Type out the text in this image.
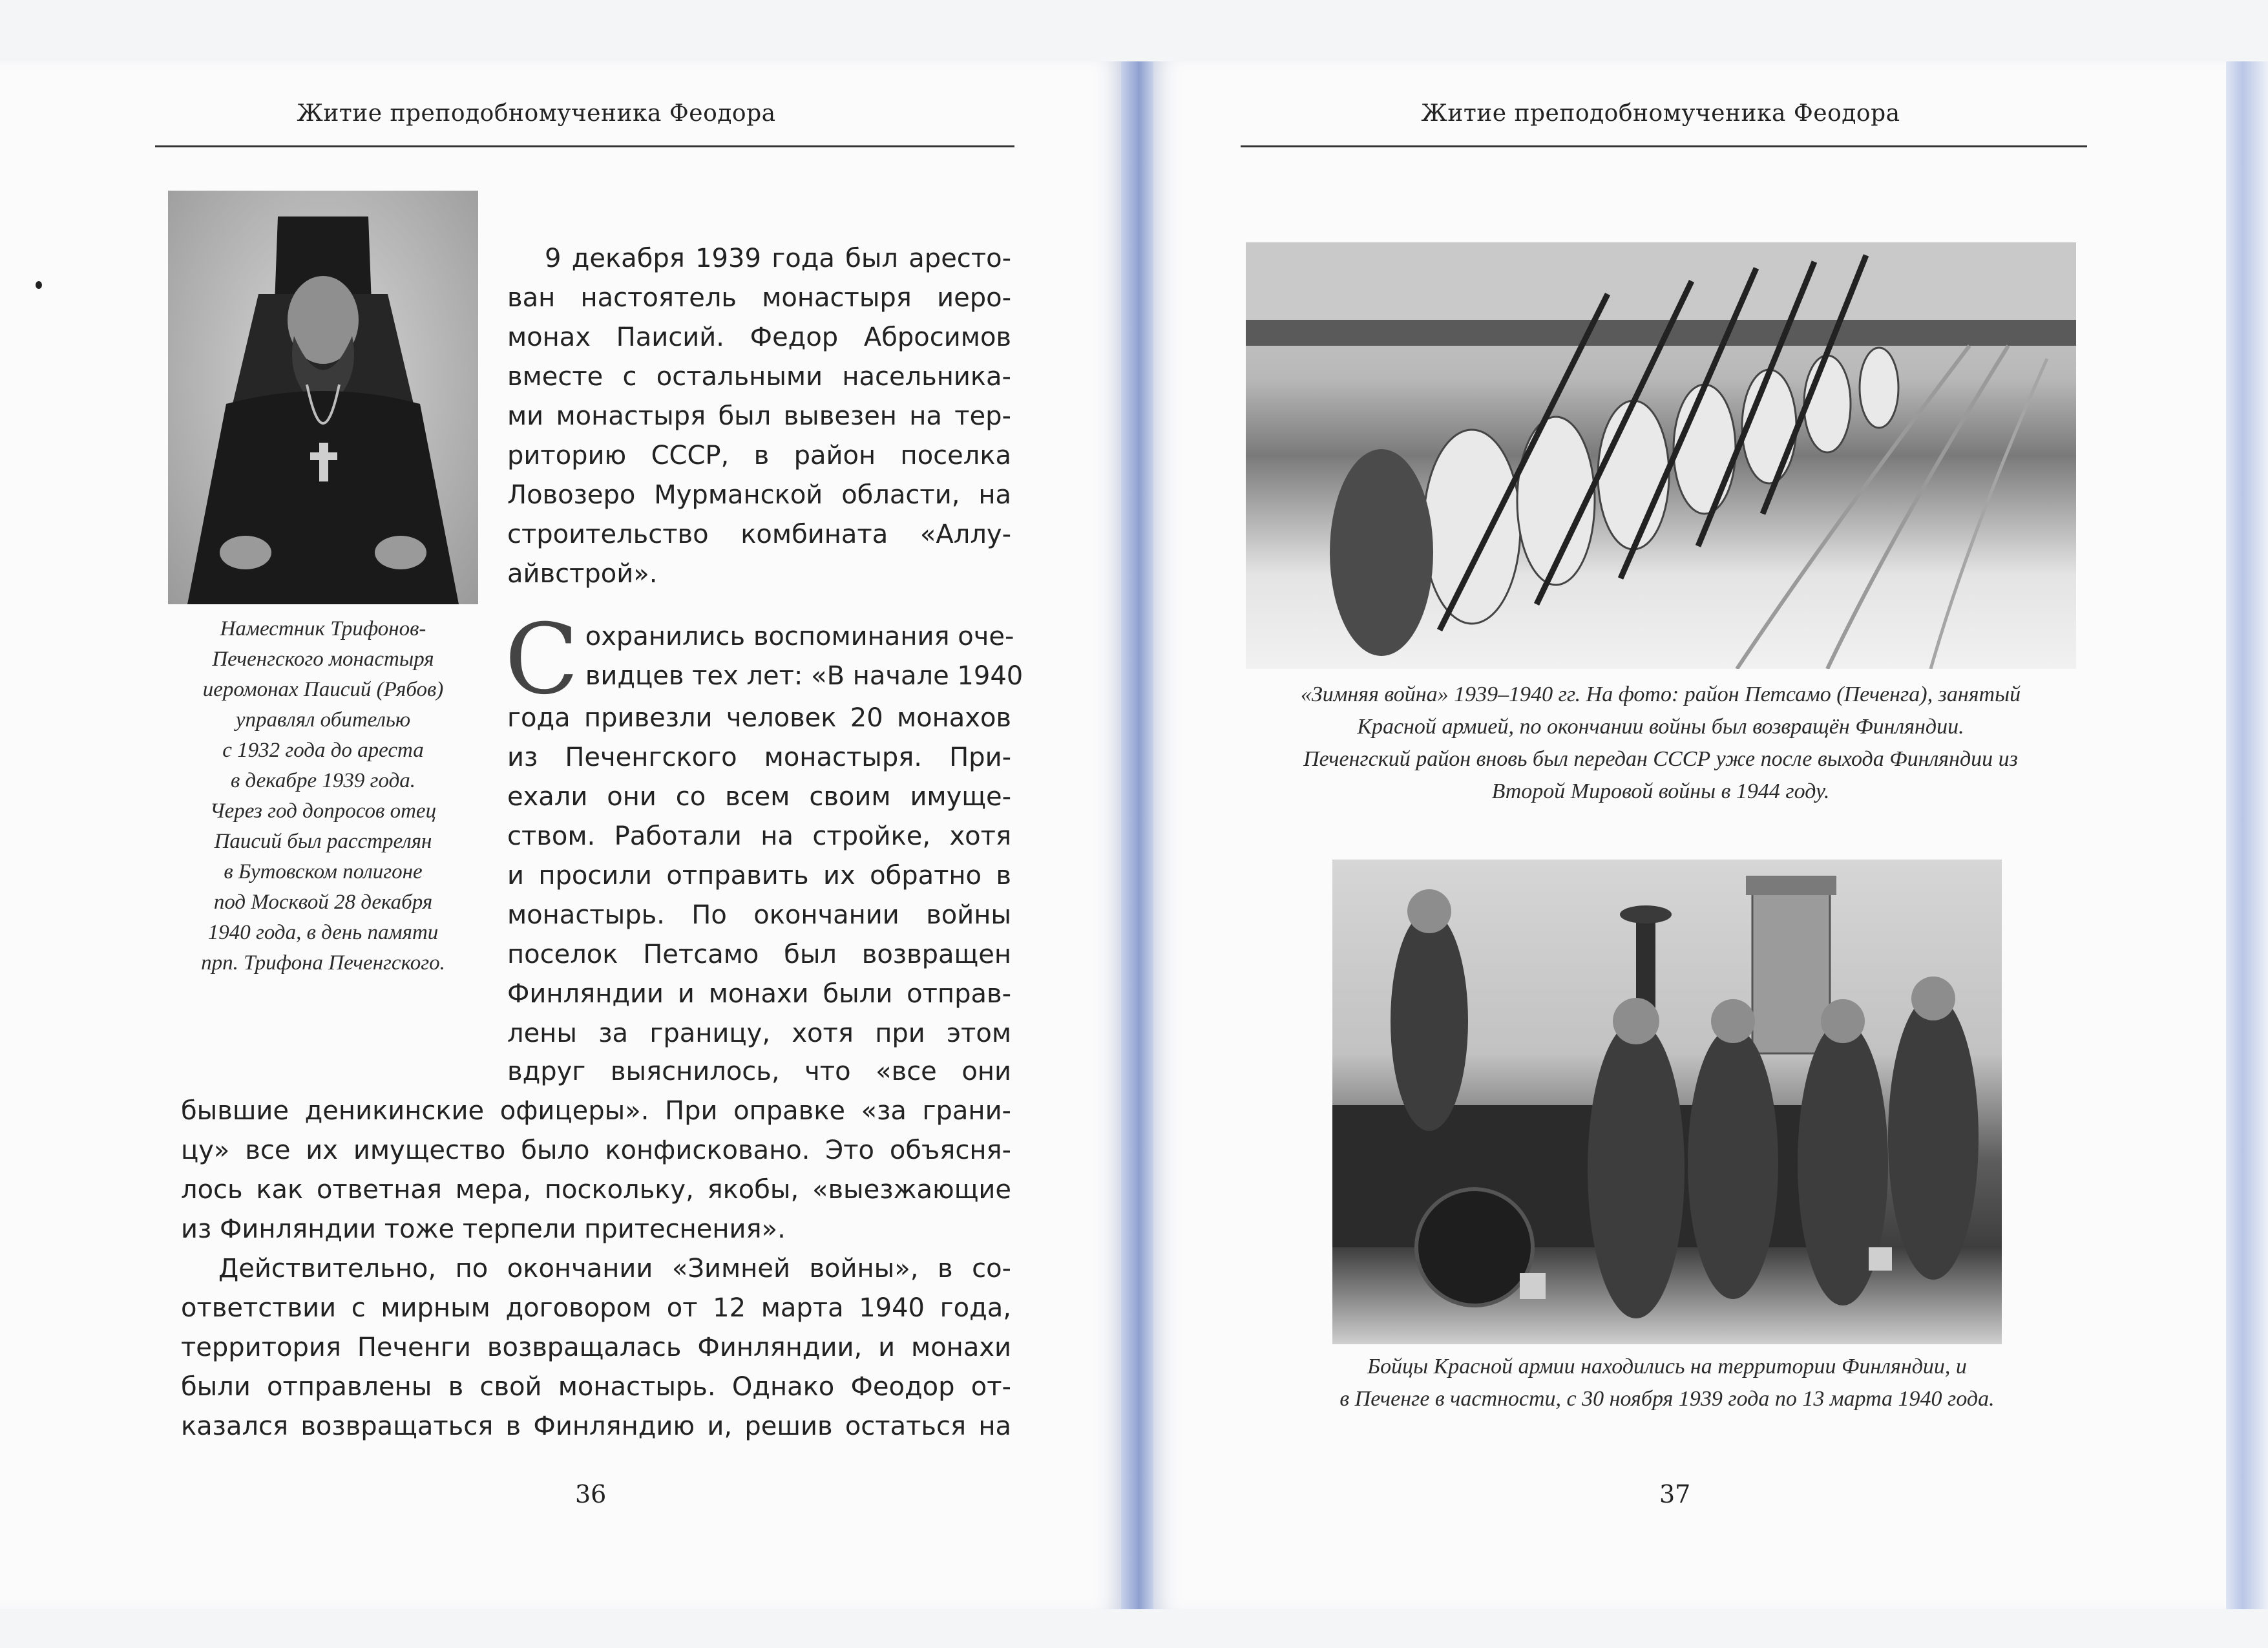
Житие преподобномученика Феодора
Наместник Трифонов-
Печенгского монастыря
иеромонах Паисий (Рябов)
управлял обителью
с 1932 года до ареста
в декабре 1939 года.
Через год допросов отец
Паисий был расстрелян
в Бутовском полигоне
под Москвой 28 декабря
1940 года, в день памяти
прп. Трифона Печенгского.
9 декабря 1939 года был аресто-
ван настоятель монастыря иеро-
монах Паисий. Федор Абросимов
вместе с остальными насельника-
ми монастыря был вывезен на тер-
риторию СССР, в район поселка
Ловозеро Мурманской области, на
строительство комбината «Аллу-
айвстрой».
С охранились воспоминания оче-
видцев тех лет: «В начале 1940
года привезли человек 20 монахов
из Печенгского монастыря. При-
ехали они со всем своим имуще-
ством. Работали на стройке, хотя
и просили отправить их обратно в
монастырь. По окончании войны
поселок Петсамо был возвращен
Финляндии и монахи были отправ-
лены за границу, хотя при этом
вдруг выяснилось, что «все они
бывшие деникинские офицеры». При оправке «за грани-
цу» все их имущество было конфисковано. Это объясня-
лось как ответная мера, поскольку, якобы, «выезжающие
из Финляндии тоже терпели притеснения».
Действительно, по окончании «Зимней войны», в со-
ответствии с мирным договором от 12 марта 1940 года,
территория Печенги возвращалась Финляндии, и монахи
были отправлены в свой монастырь. Однако Феодор от-
казался возвращаться в Финляндию и, решив остаться на
36
Житие преподобномученика Феодора
«Зимняя война» 1939–1940 гг. На фото: район Петсамо (Печенга), занятый
Красной армией, по окончании войны был возвращён Финляндии.
Печенгский район вновь был передан СССР уже после выхода Финляндии из
Второй Мировой войны в 1944 году.
Бойцы Красной армии находились на территории Финляндии, и
в Печенге в частности, с 30 ноября 1939 года по 13 марта 1940 года.
37
